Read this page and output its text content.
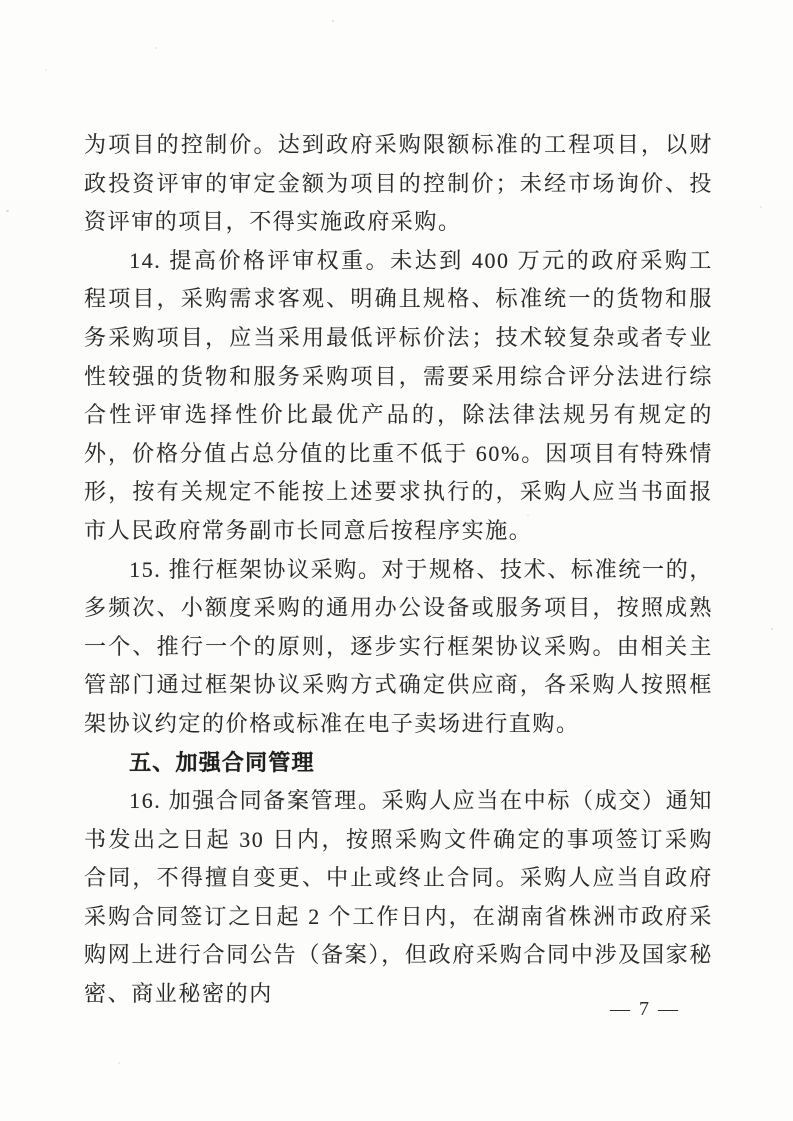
为项目的控制价。达到政府采购限额标准的工程项目，以财政投资评审的审定金额为项目的控制价；未经市场询价、投资评审的项目，不得实施政府采购。

14. 提高价格评审权重。未达到 400 万元的政府采购工程项目，采购需求客观、明确且规格、标准统一的货物和服务采购项目，应当采用最低评标价法；技术较复杂或者专业性较强的货物和服务采购项目，需要采用综合评分法进行综合性评审选择性价比最优产品的，除法律法规另有规定的外，价格分值占总分值的比重不低于 60%。因项目有特殊情形，按有关规定不能按上述要求执行的，采购人应当书面报市人民政府常务副市长同意后按程序实施。

15. 推行框架协议采购。对于规格、技术、标准统一的，多频次、小额度采购的通用办公设备或服务项目，按照成熟一个、推行一个的原则，逐步实行框架协议采购。由相关主管部门通过框架协议采购方式确定供应商，各采购人按照框架协议约定的价格或标准在电子卖场进行直购。

五、加强合同管理

16. 加强合同备案管理。采购人应当在中标（成交）通知书发出之日起 30 日内，按照采购文件确定的事项签订采购合同，不得擅自变更、中止或终止合同。采购人应当自政府采购合同签订之日起 2 个工作日内，在湖南省株洲市政府采购网上进行合同公告（备案），但政府采购合同中涉及国家秘密、商业秘密的内

— 7 —
